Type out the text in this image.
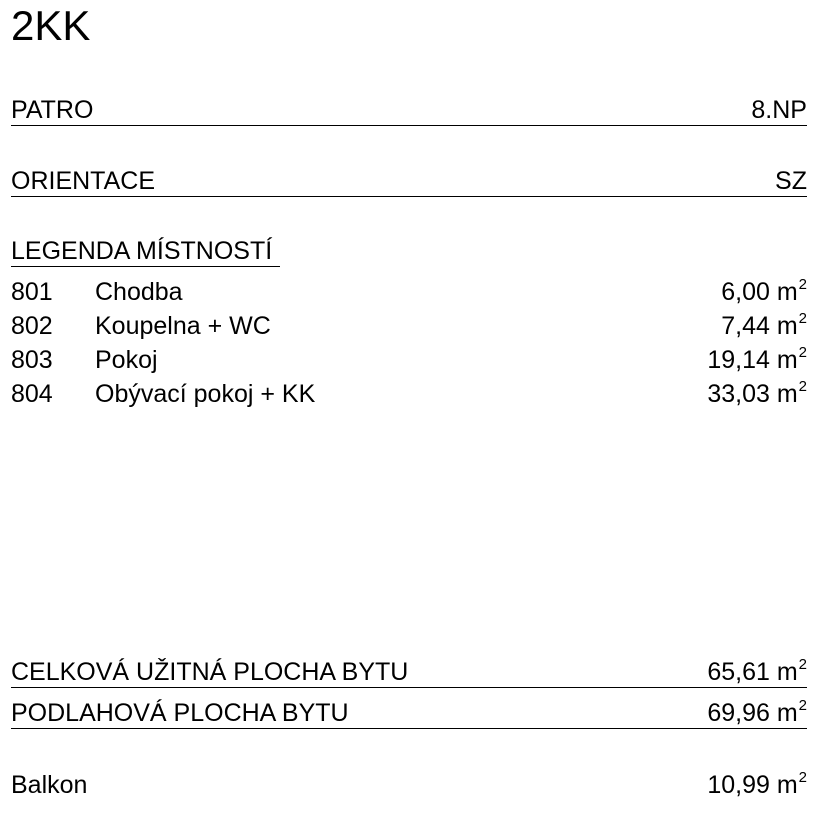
2KK
PATRO	8.NP
ORIENTACE	SZ
LEGENDA MÍSTNOSTÍ
801	Chodba	6,00 $m^2$
802	Koupelna + WC	7,44 $m^2$
803	Pokoj	19,14 $m^2$
804	Obývací pokoj + KK	33,03 $m^2$
CELKOVÁ UŽITNÁ PLOCHA BYTU	65,61 $m^2$
PODLAHOVÁ PLOCHA BYTU	69,96 $m^2$
Balkon	10,99 $m^2$
